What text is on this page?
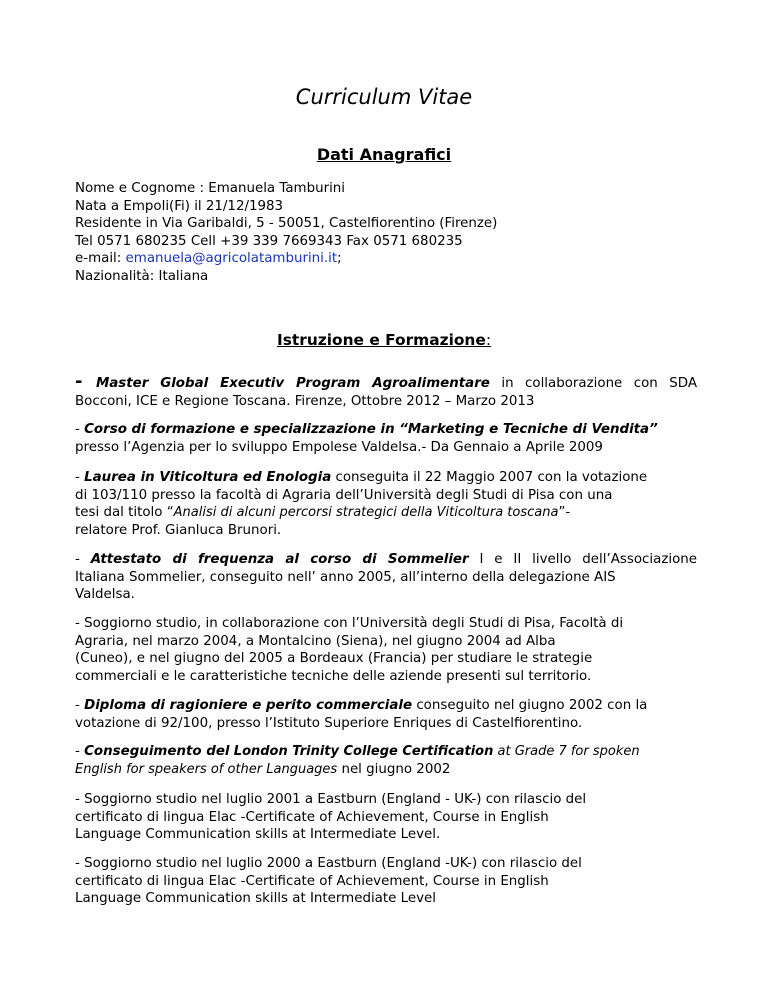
Curriculum Vitae
Dati Anagrafici
Nome e Cognome : Emanuela Tamburini
Nata a Empoli(Fi) il 21/12/1983
Residente in Via Garibaldi, 5 - 50051, Castelfiorentino (Firenze)
Tel 0571 680235 Cell +39 339 7669343 Fax 0571 680235
e-mail: emanuela@agricolatamburini.it;
Nazionalità: Italiana
Istruzione e Formazione:
- Master Global Executiv Program Agroalimentare in collaborazione con SDA
Bocconi, ICE e Regione Toscana. Firenze, Ottobre 2012 – Marzo 2013
- Corso di formazione e specializzazione in “Marketing e Tecniche di Vendita”
presso l’Agenzia per lo sviluppo Empolese Valdelsa.- Da Gennaio a Aprile 2009
- Laurea in Viticoltura ed Enologia conseguita il 22 Maggio 2007 con la votazione
di 103/110 presso la facoltà di Agraria dell’Università degli Studi di Pisa con una
tesi dal titolo “Analisi di alcuni percorsi strategici della Viticoltura toscana”-
relatore Prof. Gianluca Brunori.
- Attestato di frequenza al corso di Sommelier I e II livello dell’Associazione
Italiana Sommelier, conseguito nell’ anno 2005, all’interno della delegazione AIS
Valdelsa.
- Soggiorno studio, in collaborazione con l’Università degli Studi di Pisa, Facoltà di
Agraria, nel marzo 2004, a Montalcino (Siena), nel giugno 2004 ad Alba
(Cuneo), e nel giugno del 2005 a Bordeaux (Francia) per studiare le strategie
commerciali e le caratteristiche tecniche delle aziende presenti sul territorio.
- Diploma di ragioniere e perito commerciale conseguito nel giugno 2002 con la
votazione di 92/100, presso l’Istituto Superiore Enriques di Castelfiorentino.
- Conseguimento del London Trinity College Certification at Grade 7 for spoken
English for speakers of other Languages nel giugno 2002
- Soggiorno studio nel luglio 2001 a Eastburn (England - UK-) con rilascio del
certificato di lingua Elac -Certificate of Achievement, Course in English
Language Communication skills at Intermediate Level.
- Soggiorno studio nel luglio 2000 a Eastburn (England -UK-) con rilascio del
certificato di lingua Elac -Certificate of Achievement, Course in English
Language Communication skills at Intermediate Level
